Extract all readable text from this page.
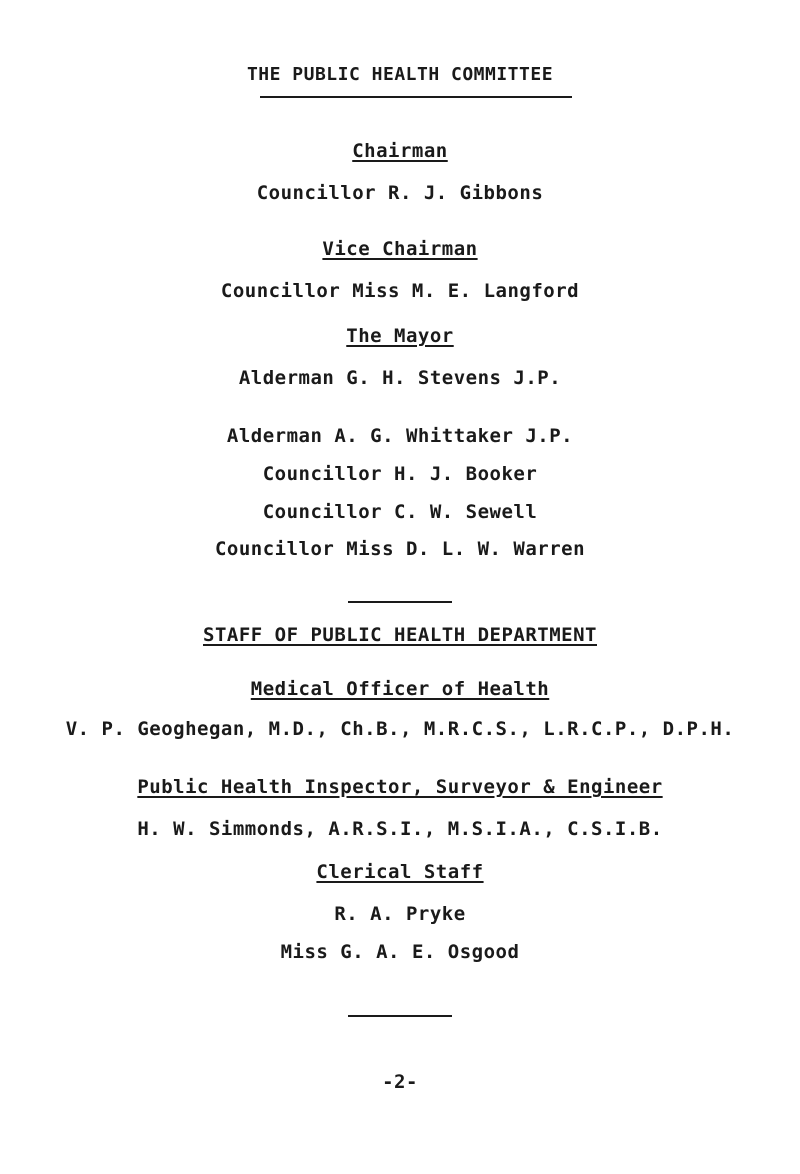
THE PUBLIC HEALTH COMMITTEE
Chairman
Councillor R. J. Gibbons
Vice Chairman
Councillor Miss M. E. Langford
The Mayor
Alderman G. H. Stevens J.P.
Alderman A. G. Whittaker J.P.
Councillor H. J. Booker
Councillor C. W. Sewell
Councillor Miss D. L. W. Warren
STAFF OF PUBLIC HEALTH DEPARTMENT
Medical Officer of Health
V. P. Geoghegan, M.D., Ch.B., M.R.C.S., L.R.C.P., D.P.H.
Public Health Inspector, Surveyor & Engineer
H. W. Simmonds, A.R.S.I., M.S.I.A., C.S.I.B.
Clerical Staff
R. A. Pryke
Miss G. A. E. Osgood
-2-
